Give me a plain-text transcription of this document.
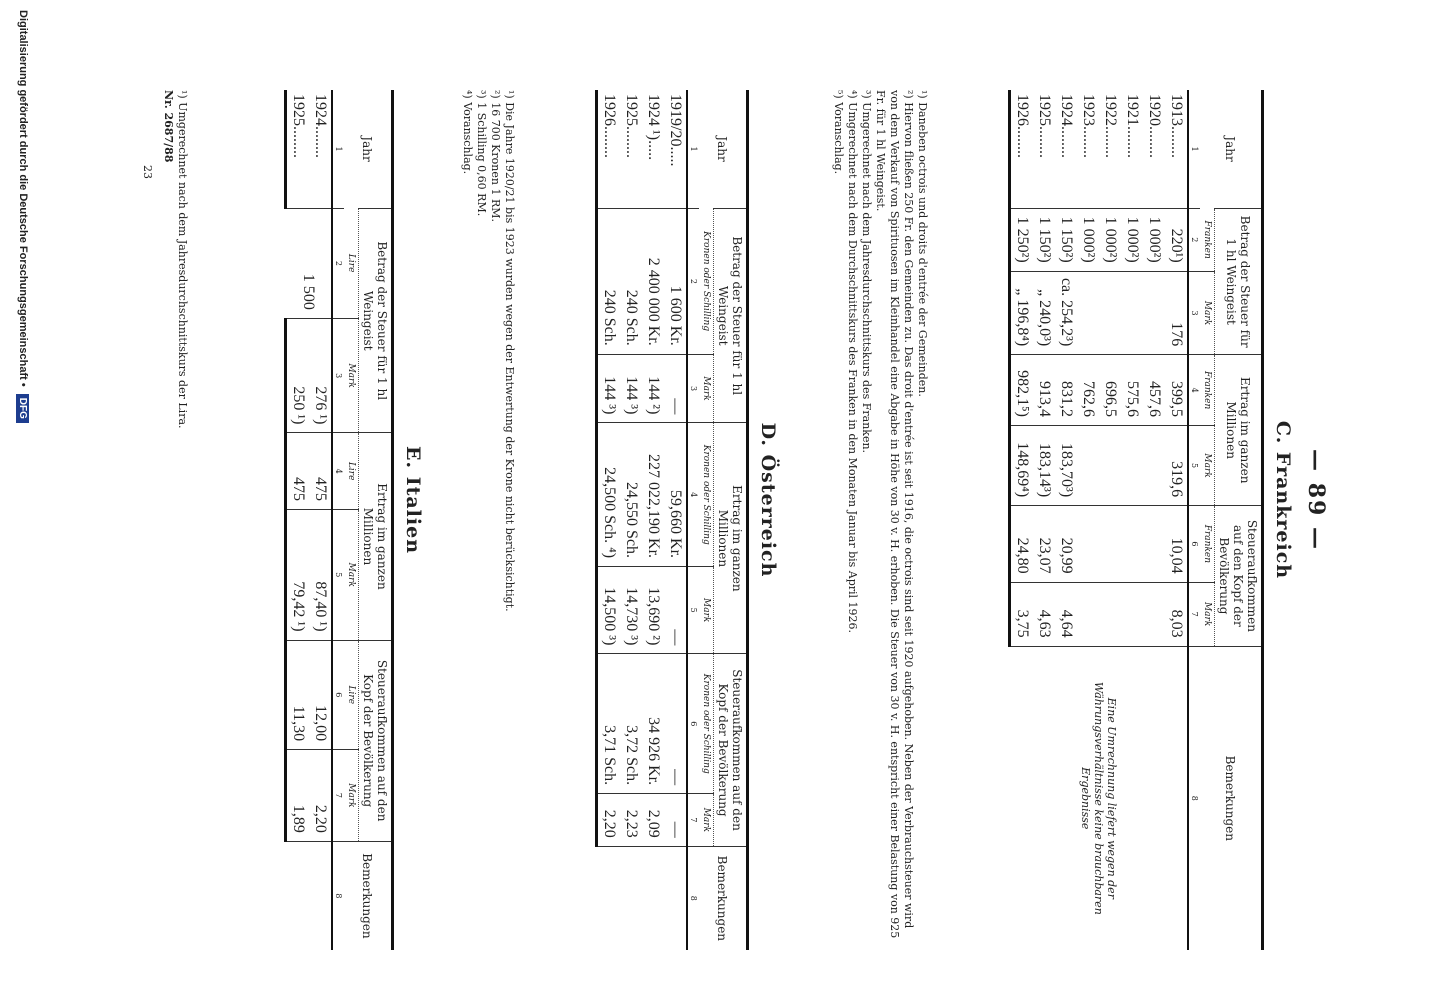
— 89 —
C. Frankreich
Jahr	Betrag der Steuer für 1 hl Weingeist		Ertrag im ganzen
Millionen		Steueraufkommen auf den Kopf der Bevölkerung		Bemerkungen
	Franken	Mark	Franken	Mark	Franken	Mark	
1	2	3	4	5	6	7	8
1913........	220¹)	176	399,5	319,6	10,04	8,03	Eine Umrechnung liefert wegen der Währungsverhältnisse keine brauchbaren Ergebnisse
1920........	1 000²)		457,6				
1921........	1 000²)		575,6				
1922........	1 000²)		696,5				
1923........	1 000²)		762,6				
1924........	1 150²)	ca. 254,2³)	831,2	183,70³)	20,99	4,64	
1925........	1 150²)	„ 240,0³)	913,4	183,14³)	23,07	4,63	
1926........	1 250²)	„ 196,8⁴)	982,1⁵)	148,69⁴)	24,80	3,75	

¹) Daneben octrois und droits d'entrée der Gemeinden.

²) Hiervon fließen 250 Fr. den Gemeinden zu. Das droit d'entrée ist seit 1916, die octrois sind seit 1920 aufgehoben. Neben der Verbrauchsteuer wird von dem Verkauf von Spirituosen im Kleinhandel eine Abgabe in Höhe von 30 v. H. erhoben. Die Steuer von 30 v. H. entspricht einer Belastung von 925 Fr. für 1 hl Weingeist.

³) Umgerechnet nach dem Jahresdurchschnittskurs des Franken.

⁴) Umgerechnet nach dem Durchschnittskurs des Franken in den Monaten Januar bis April 1926.

⁵) Voranschlag.

D. Österreich
Jahr	Betrag der Steuer für 1 hl Weingeist		Ertrag im ganzen
Millionen		Steueraufkommen auf den Kopf der Bevölkerung		Bemerkungen
	Kronen oder Schilling	Mark	Kronen oder Schilling	Mark	Kronen oder Schilling	Mark	
1	2	3	4	5	6	7	8
1919/20.....	1 600 Kr.	—	59,660 Kr.	—	—	—	
1924 ¹).....	2 400 000 Kr.	144 ²)	227 022,190 Kr.	13,690 ²)	34 926 Kr.	2,09	
1925........	240 Sch.	144 ³)	24,550 Sch.	14,730 ³)	3,72 Sch.	2,23	
1926........	240 Sch.	144 ³)	24,500 Sch. ⁴)	14,500 ³)	3,71 Sch.	2,20	

¹) Die Jahre 1920/21 bis 1923 wurden wegen der Entwertung der Krone nicht berücksichtigt.

²) 16 700 Kronen 1 RM.

³) 1 Schilling 0,60 RM.

⁴) Voranschlag.

E. Italien
Jahr	Betrag der Steuer für 1 hl Weingeist		Ertrag im ganzen
Millionen		Steueraufkommen auf den Kopf der Bevölkerung		Bemerkungen
	Lire	Mark	Lire	Mark	Lire	Mark	
1	2	3	4	5	6	7	8
1924........	1 500	276 ¹)	475	87,40 ¹)	12,00	2,20	
1925........		250 ¹)	475	79,42 ¹)	11,30	1,89	

¹) Umgerechnet nach dem Jahresdurchschnittskurs der Lira.

Nr. 2687/88

23
Digitalisierung gefördert durch die Deutsche Forschungsgemeinschaft • DFG
